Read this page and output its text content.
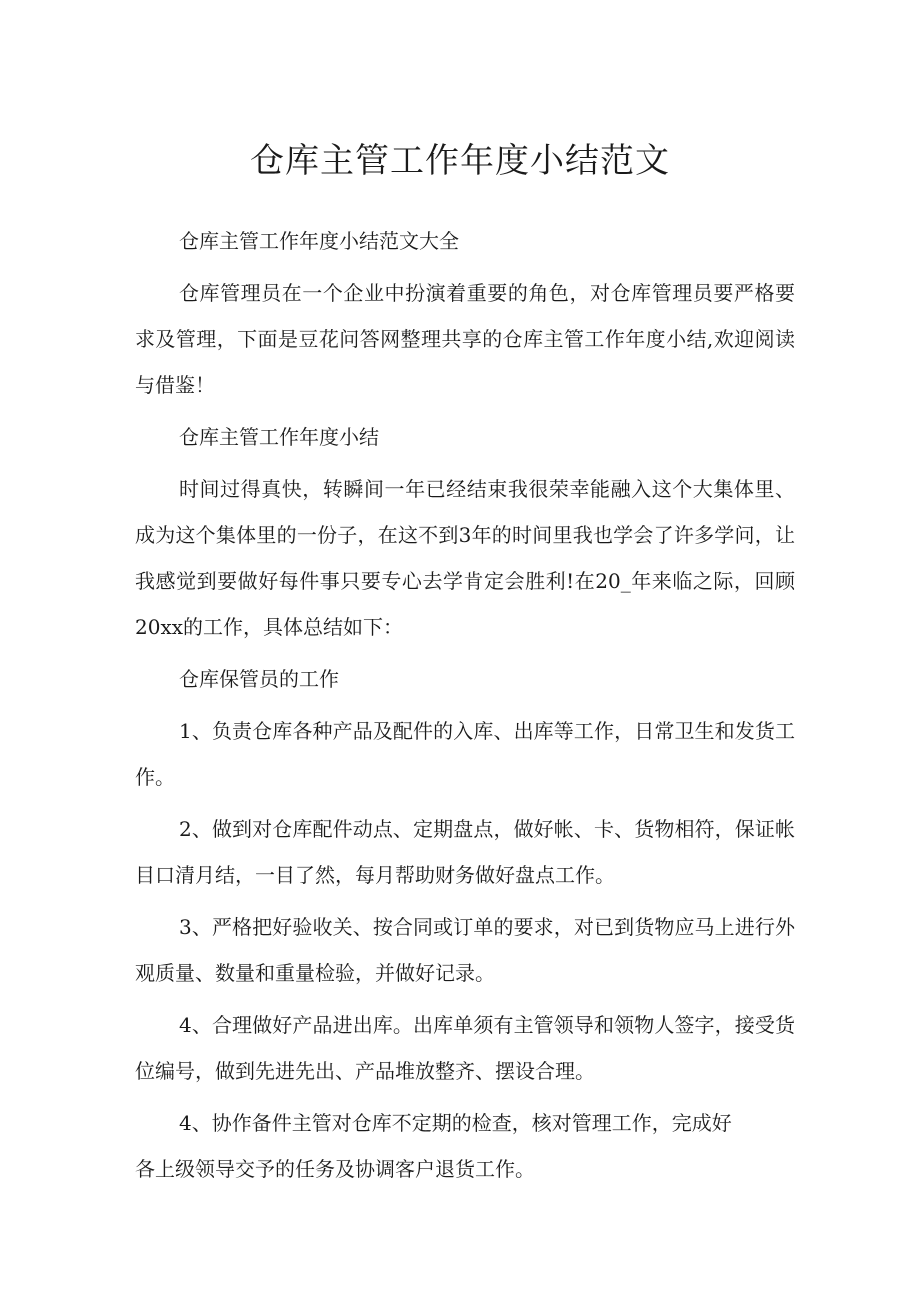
仓库主管工作年度小结范文

仓库主管工作年度小结范文大全

仓库管理员在一个企业中扮演着重要的角色，对仓库管理员要严格要求及管理，下面是豆花问答网整理共享的仓库主管工作年度小结,欢迎阅读与借鉴！

仓库主管工作年度小结

时间过得真快，转瞬间一年已经结束我很荣幸能融入这个大集体里、成为这个集体里的一份子，在这不到3年的时间里我也学会了许多学问，让我感觉到要做好每件事只要专心去学肯定会胜利!在20_年来临之际，回顾20xx的工作，具体总结如下：

仓库保管员的工作

1、负责仓库各种产品及配件的入库、出库等工作，日常卫生和发货工作。

2、做到对仓库配件动点、定期盘点，做好帐、卡、货物相符，保证帐目口清月结，一目了然，每月帮助财务做好盘点工作。

3、严格把好验收关、按合同或订单的要求，对已到货物应马上进行外观质量、数量和重量检验，并做好记录。

4、合理做好产品进出库。出库单须有主管领导和领物人签字，接受货位编号，做到先进先出、产品堆放整齐、摆设合理。

4、协作备件主管对仓库不定期的检查，核对管理工作，完成好

各上级领导交予的任务及协调客户退货工作。
